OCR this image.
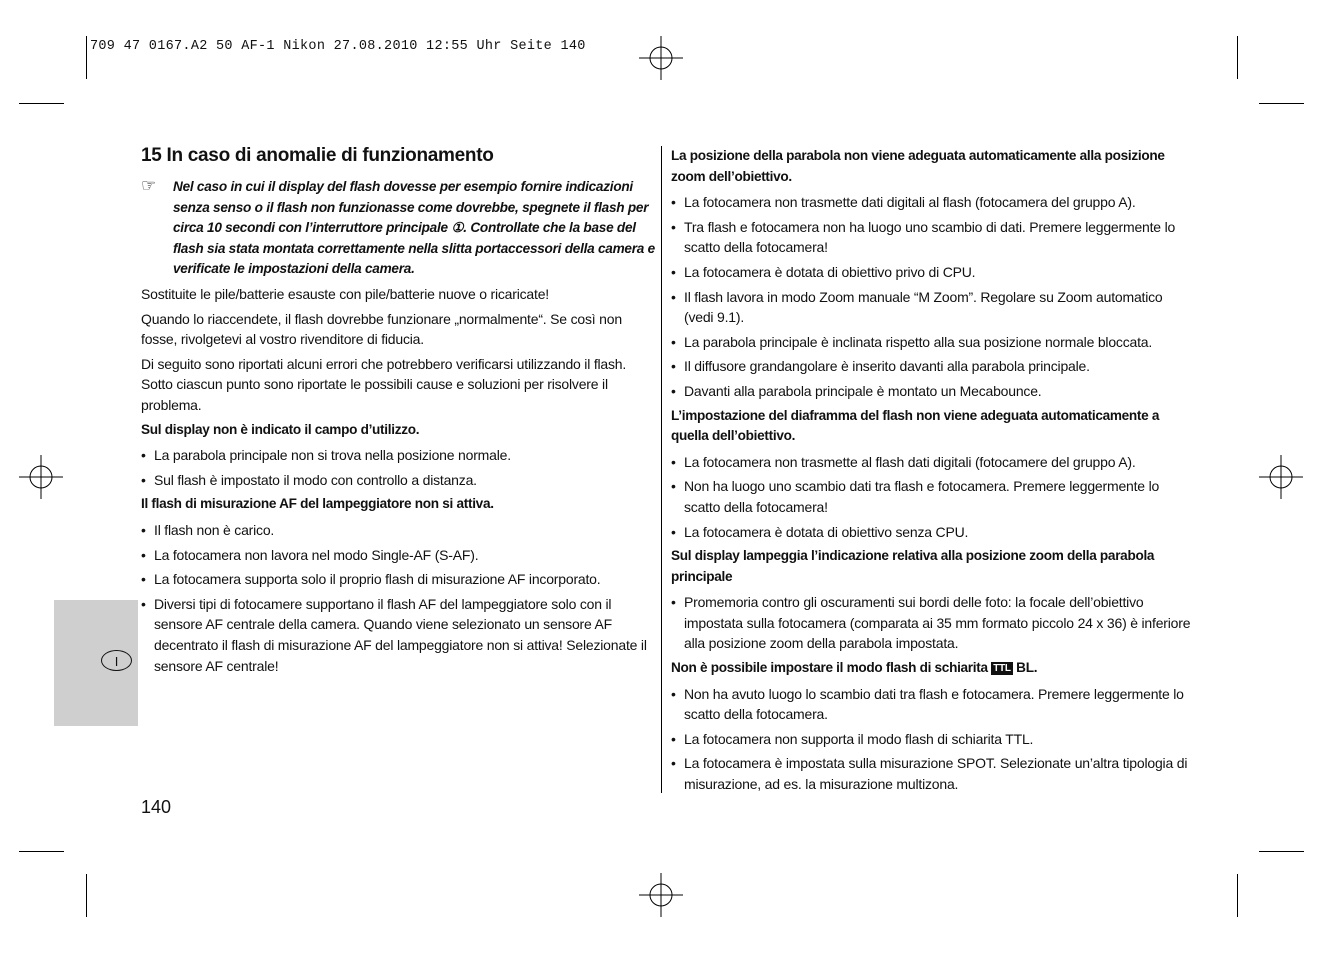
709 47 0167.A2 50 AF-1 Nikon 27.08.2010 12:55 Uhr Seite 140
15 In caso di anomalie di funzionamento
☞ Nel caso in cui il display del flash dovesse per esempio fornire indicazioni senza senso o il flash non funzionasse come dovrebbe, spegnete il flash per circa 10 secondi con l’interruttore principale ①. Controllate che la base del flash sia stata montata correttamente nella slitta portaccessori della camera e verificate le impostazioni della camera.
Sostituite le pile/batterie esauste con pile/batterie nuove o ricaricate!
Quando lo riaccendete, il flash dovrebbe funzionare „normalmente“. Se così non fosse, rivolgetevi al vostro rivenditore di fiducia.
Di seguito sono riportati alcuni errori che potrebbero verificarsi utilizzando il flash. Sotto ciascun punto sono riportate le possibili cause e soluzioni per risolvere il problema.
Sul display non è indicato il campo d’utilizzo.
• La parabola principale non si trova nella posizione normale.
• Sul flash è impostato il modo con controllo a distanza.
Il flash di misurazione AF del lampeggiatore non si attiva.
• Il flash non è carico.
• La fotocamera non lavora nel modo Single-AF (S-AF).
• La fotocamera supporta solo il proprio flash di misurazione AF incorporato.
• Diversi tipi di fotocamere supportano il flash AF del lampeggiatore solo con il sensore AF centrale della camera. Quando viene selezionato un sensore AF decentrato il flash di misurazione AF del lampeggiatore non si attiva! Selezionate il sensore AF centrale!
La posizione della parabola non viene adeguata automaticamente alla posizione zoom dell’obiettivo.
• La fotocamera non trasmette dati digitali al flash (fotocamera del gruppo A).
• Tra flash e fotocamera non ha luogo uno scambio di dati. Premere leggermente lo scatto della fotocamera!
• La fotocamera è dotata di obiettivo privo di CPU.
• Il flash lavora in modo Zoom manuale “M Zoom”. Regolare su Zoom automatico (vedi 9.1).
• La parabola principale è inclinata rispetto alla sua posizione normale bloccata.
• Il diffusore grandangolare è inserito davanti alla parabola principale.
• Davanti alla parabola principale è montato un Mecabounce.
L’impostazione del diaframma del flash non viene adeguata automaticamente a quella dell’obiettivo.
• La fotocamera non trasmette al flash dati digitali (fotocamere del gruppo A).
• Non ha luogo uno scambio dati tra flash e fotocamera. Premere leggermente lo scatto della fotocamera!
• La fotocamera è dotata di obiettivo senza CPU.
Sul display lampeggia l’indicazione relativa alla posizione zoom della parabola principale
• Promemoria contro gli oscuramenti sui bordi delle foto: la focale dell’obiettivo impostata sulla fotocamera (comparata ai 35 mm formato piccolo 24 x 36) è inferiore alla posizione zoom della parabola impostata.
Non è possibile impostare il modo flash di schiarita TTL BL.
• Non ha avuto luogo lo scambio dati tra flash e fotocamera. Premere leggermente lo scatto della fotocamera.
• La fotocamera non supporta il modo flash di schiarita TTL.
• La fotocamera è impostata sulla misurazione SPOT. Selezionate un’altra tipologia di misurazione, ad es. la misurazione multizona.
I
140
